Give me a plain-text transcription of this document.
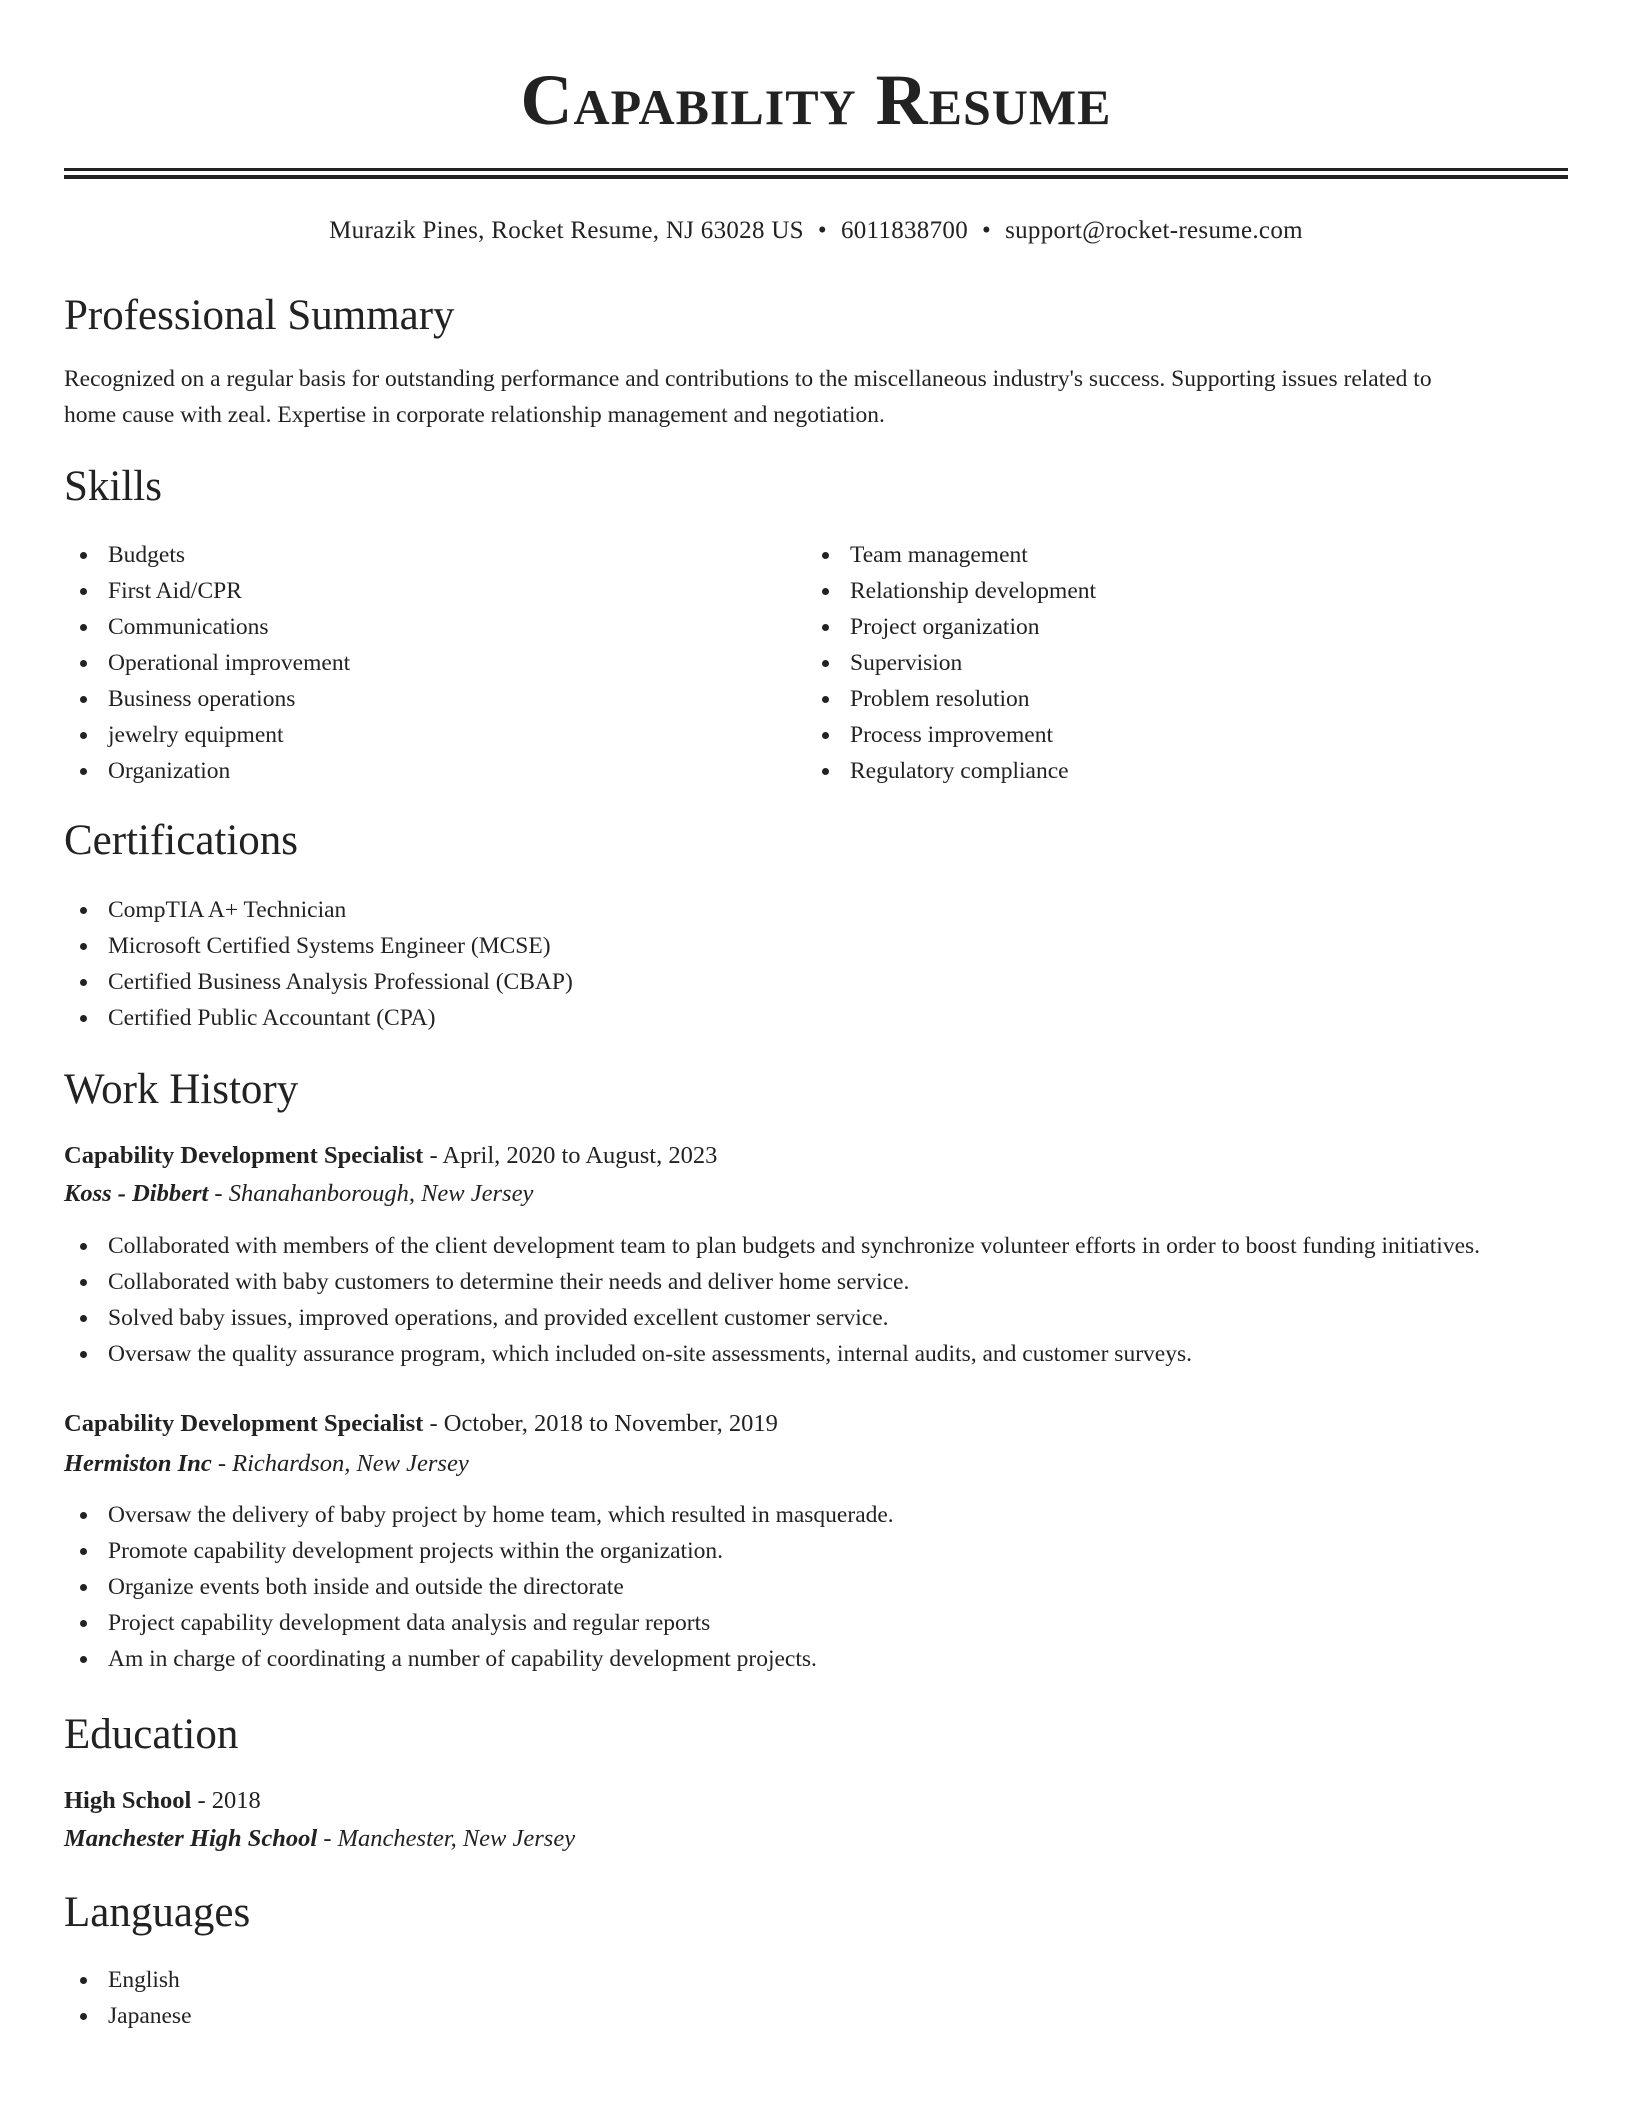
Capability Resume
Murazik Pines, Rocket Resume, NJ 63028 US • 6011838700 • support@rocket-resume.com
Professional Summary
Recognized on a regular basis for outstanding performance and contributions to the miscellaneous industry's success. Supporting issues related to
home cause with zeal. Expertise in corporate relationship management and negotiation.
Skills
Budgets
First Aid/CPR
Communications
Operational improvement
Business operations
jewelry equipment
Organization
Team management
Relationship development
Project organization
Supervision
Problem resolution
Process improvement
Regulatory compliance
Certifications
CompTIA A+ Technician
Microsoft Certified Systems Engineer (MCSE)
Certified Business Analysis Professional (CBAP)
Certified Public Accountant (CPA)
Work History
Capability Development Specialist - April, 2020 to August, 2023
Koss - Dibbert - Shanahanborough, New Jersey
Collaborated with members of the client development team to plan budgets and synchronize volunteer efforts in order to boost funding initiatives.
Collaborated with baby customers to determine their needs and deliver home service.
Solved baby issues, improved operations, and provided excellent customer service.
Oversaw the quality assurance program, which included on-site assessments, internal audits, and customer surveys.
Capability Development Specialist - October, 2018 to November, 2019
Hermiston Inc - Richardson, New Jersey
Oversaw the delivery of baby project by home team, which resulted in masquerade.
Promote capability development projects within the organization.
Organize events both inside and outside the directorate
Project capability development data analysis and regular reports
Am in charge of coordinating a number of capability development projects.
Education
High School - 2018
Manchester High School - Manchester, New Jersey
Languages
English
Japanese
